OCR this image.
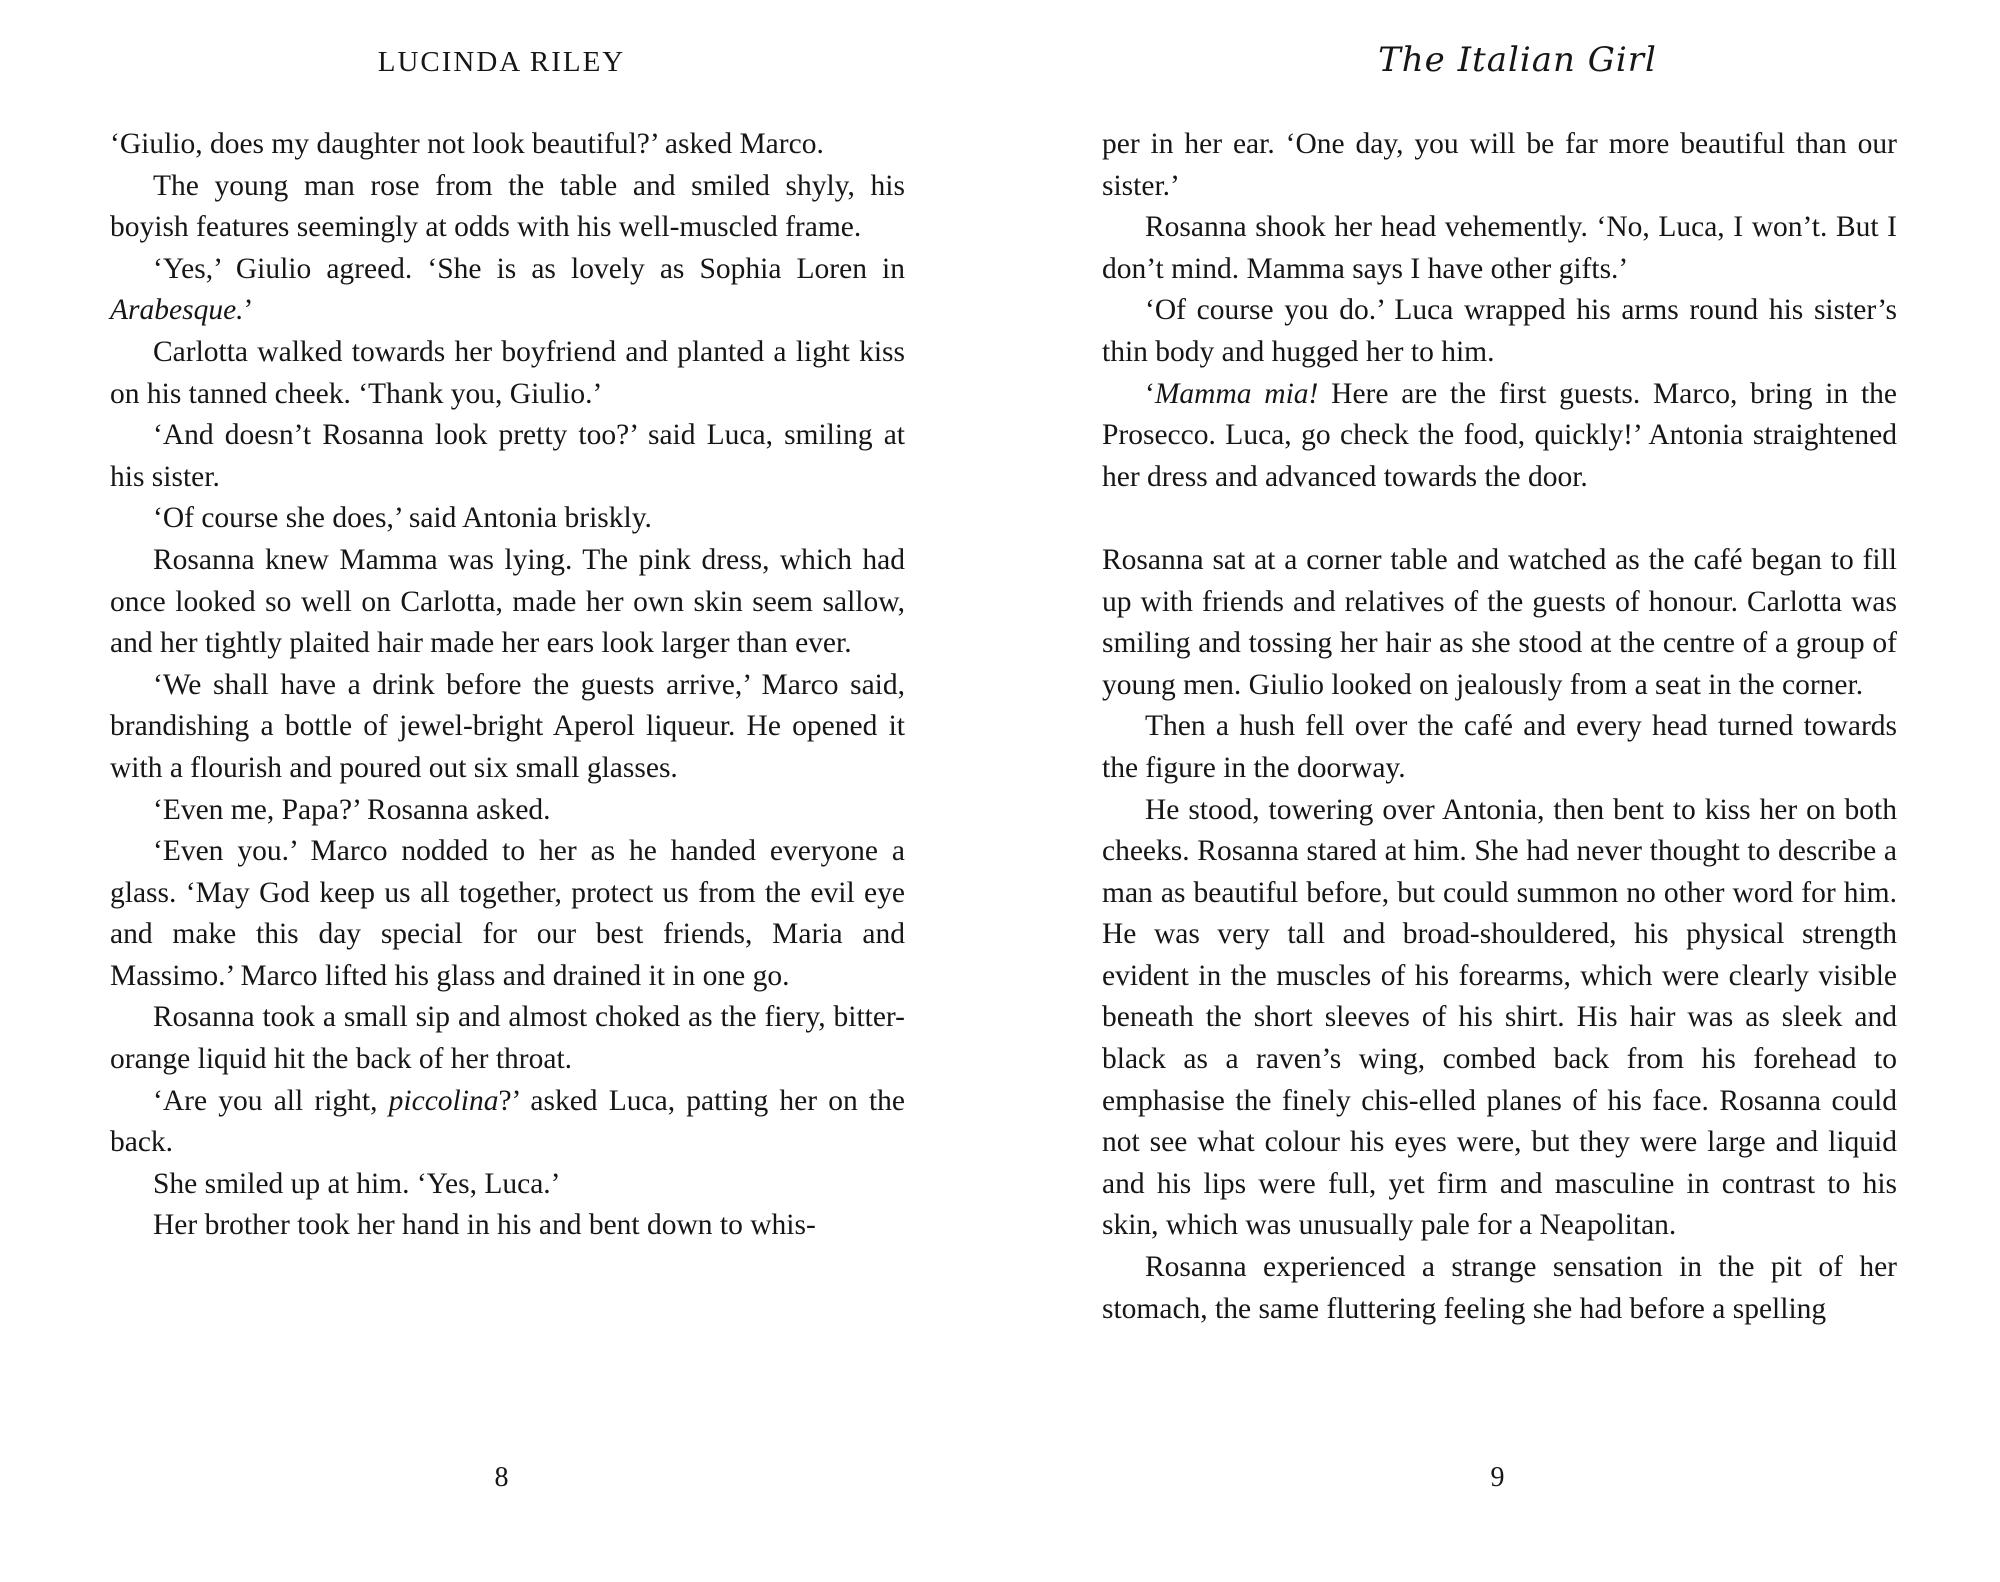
LUCINDA RILEY

‘Giulio, does my daughter not look beautiful?’ asked Marco.

The young man rose from the table and smiled shyly, his boyish features seemingly at odds with his well-muscled frame.

‘Yes,’ Giulio agreed. ‘She is as lovely as Sophia Loren in Arabesque.’

Carlotta walked towards her boyfriend and planted a light kiss on his tanned cheek. ‘Thank you, Giulio.’

‘And doesn’t Rosanna look pretty too?’ said Luca, smiling at his sister.

‘Of course she does,’ said Antonia briskly.

Rosanna knew Mamma was lying. The pink dress, which had once looked so well on Carlotta, made her own skin seem sallow, and her tightly plaited hair made her ears look larger than ever.

‘We shall have a drink before the guests arrive,’ Marco said, brandishing a bottle of jewel-bright Aperol liqueur. He opened it with a flourish and poured out six small glasses.

‘Even me, Papa?’ Rosanna asked.

‘Even you.’ Marco nodded to her as he handed everyone a glass. ‘May God keep us all together, protect us from the evil eye and make this day special for our best friends, Maria and Massimo.’ Marco lifted his glass and drained it in one go.

Rosanna took a small sip and almost choked as the fiery, bitter-orange liquid hit the back of her throat.

‘Are you all right, piccolina?’ asked Luca, patting her on the back.

She smiled up at him. ‘Yes, Luca.’

Her brother took her hand in his and bent down to whis-

8
The Italian Girl

per in her ear. ‘One day, you will be far more beautiful than our sister.’

Rosanna shook her head vehemently. ‘No, Luca, I won’t. But I don’t mind. Mamma says I have other gifts.’

‘Of course you do.’ Luca wrapped his arms round his sister’s thin body and hugged her to him.

‘Mamma mia! Here are the first guests. Marco, bring in the Prosecco. Luca, go check the food, quickly!’ Antonia straightened her dress and advanced towards the door.

Rosanna sat at a corner table and watched as the café began to fill up with friends and relatives of the guests of honour. Carlotta was smiling and tossing her hair as she stood at the centre of a group of young men. Giulio looked on jealously from a seat in the corner.

Then a hush fell over the café and every head turned towards the figure in the doorway.

He stood, towering over Antonia, then bent to kiss her on both cheeks. Rosanna stared at him. She had never thought to describe a man as beautiful before, but could summon no other word for him. He was very tall and broad-shouldered, his physical strength evident in the muscles of his forearms, which were clearly visible beneath the short sleeves of his shirt. His hair was as sleek and black as a raven’s wing, combed back from his forehead to emphasise the finely chis-elled planes of his face. Rosanna could not see what colour his eyes were, but they were large and liquid and his lips were full, yet firm and masculine in contrast to his skin, which was unusually pale for a Neapolitan.

Rosanna experienced a strange sensation in the pit of her stomach, the same fluttering feeling she had before a spelling

9
